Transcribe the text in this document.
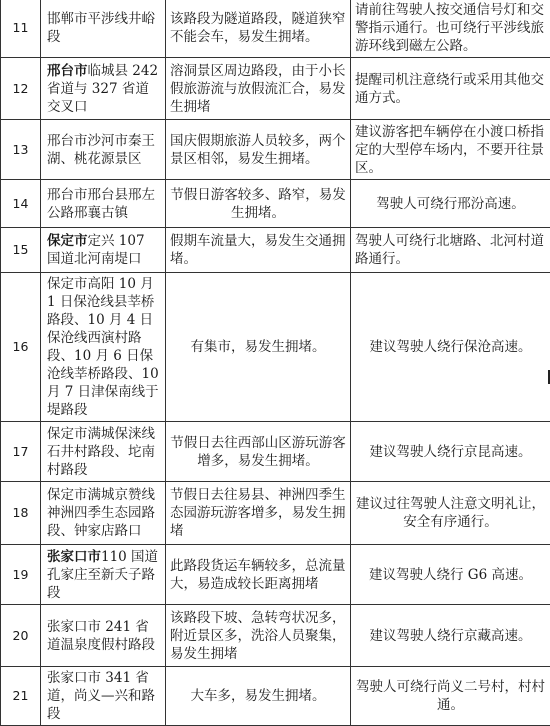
11	邯郸市平涉线井峪段	该路段为隧道路段，隧道狭窄不能会车，易发生拥堵。	请前往驾驶人按交通信号灯和交警指示通行。也可绕行平涉线旅游环线到磁左公路。
12	邢台市临城县 242 省道与 327 省道交叉口	溶洞景区周边路段，由于小长假旅游流与放假流汇合，易发生拥堵	提醒司机注意绕行或采用其他交通方式。
13	邢台市沙河市秦王湖、桃花源景区	国庆假期旅游人员较多，两个景区相邻，易发生拥堵。	建议游客把车辆停在小渡口桥指定的大型停车场内，不要开往景区。
14	邢台市邢台县邢左公路邢襄古镇	节假日游客较多、路窄，易发生拥堵。	驾驶人可绕行邢汾高速。
15	保定市定兴 107 国道北河南堤口	假期车流量大，易发生交通拥堵。	驾驶人可绕行北塘路、北河村道路通行。
16	保定市高阳 10 月 1 日保沧线县莘桥路段、10 月 4 日保沧线西演村路段、10 月 6 日保沧线莘桥路段、10 月 7 日津保南线于堤路段	有集市，易发生拥堵。	建议驾驶人绕行保沧高速。
17	保定市满城保涞线石井村路段、坨南村路段	节假日去往西部山区游玩游客增多，易发生拥堵。	建议驾驶人绕行京昆高速。
18	保定市满城京赞线神洲四季生态园路段、钟家店路口	节假日去往易县、神洲四季生态园游玩游客增多，易发生拥堵	建议过往驾驶人注意文明礼让，安全有序通行。
19	张家口市110 国道孔家庄至新夭子路段	此路段货运车辆较多，总流量大，易造成较长距离拥堵	建议驾驶人绕行 G6 高速。
20	张家口市 241 省道温泉度假村路段	该路段下坡、急转弯状况多，附近景区多，洗浴人员聚集，易发生拥堵	建议驾驶人绕行京藏高速。
21	张家口市 341 省道，尚义—兴和路段	大车多，易发生拥堵。	驾驶人可绕行尚义二号村，村村通。
